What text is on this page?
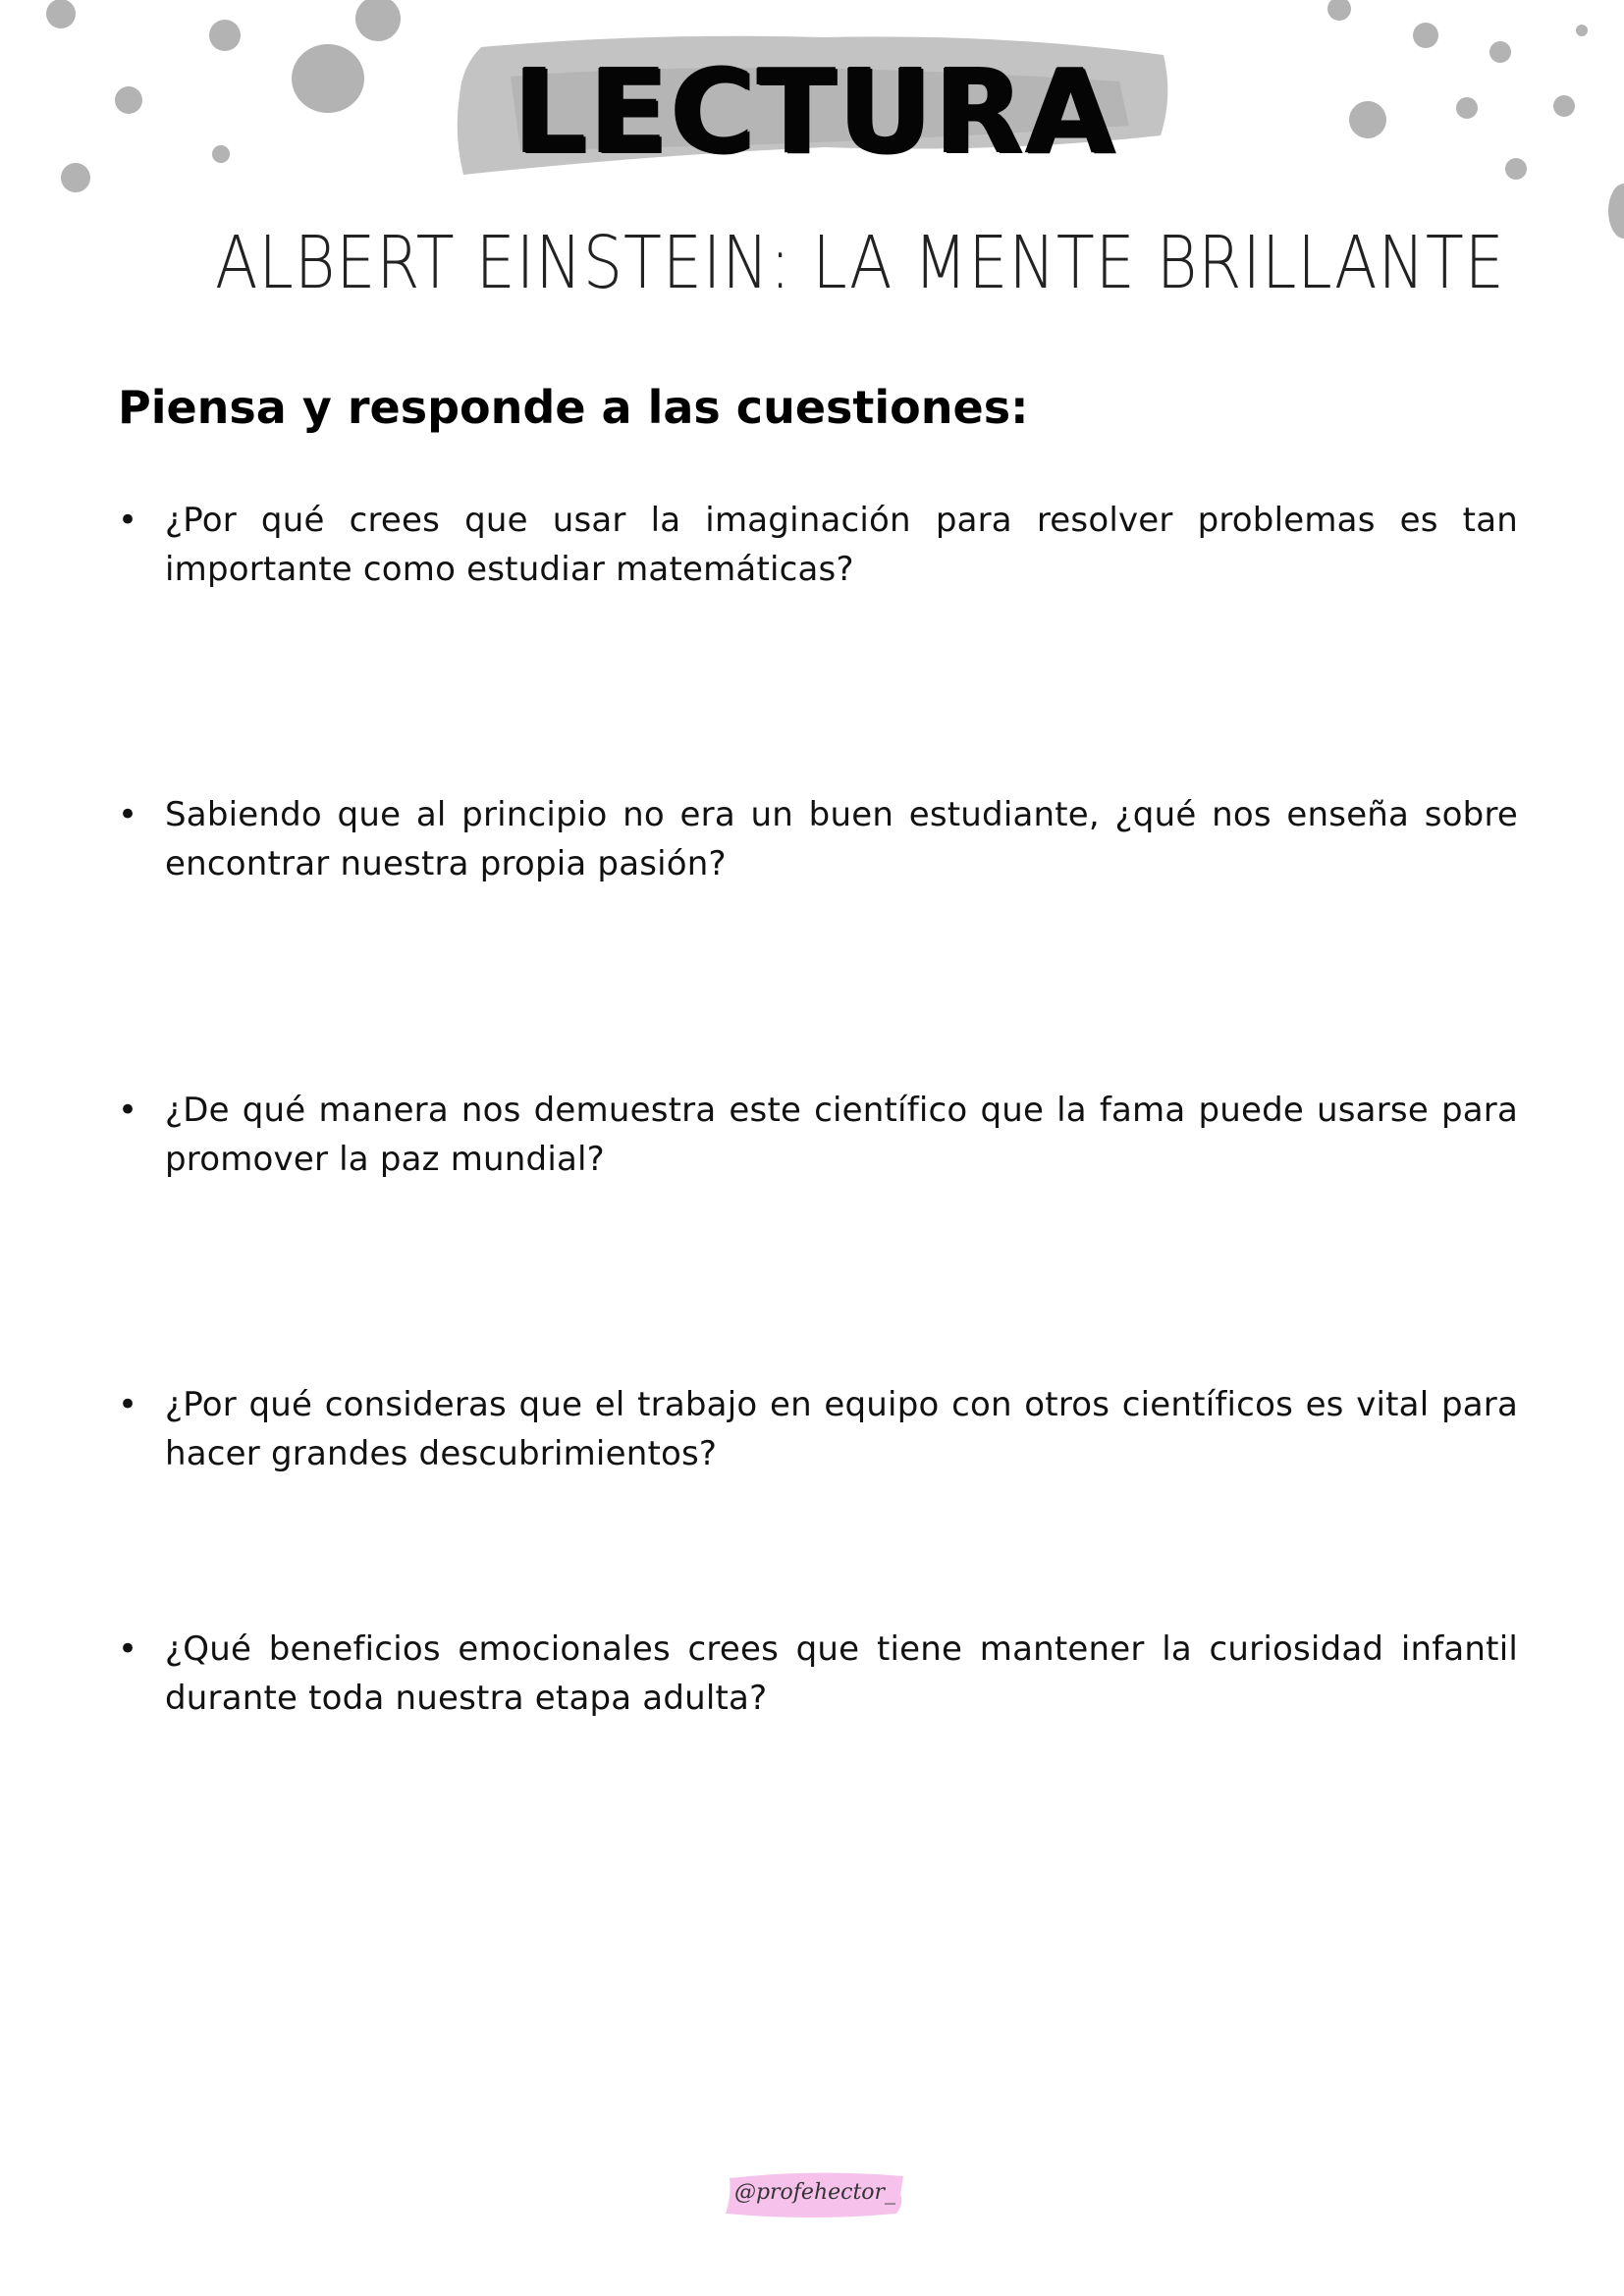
LECTURA
ALBERT EINSTEIN: LA MENTE BRILLANTE
Piensa y responde a las cuestiones:
• ¿Por qué crees que usar la imaginación para resolver problemas es tan importante como estudiar matemáticas?
• Sabiendo que al principio no era un buen estudiante, ¿qué nos enseña sobre encontrar nuestra propia pasión?
• ¿De qué manera nos demuestra este científico que la fama puede usarse para promover la paz mundial?
• ¿Por qué consideras que el trabajo en equipo con otros científicos es vital para hacer grandes descubrimientos?
• ¿Qué beneficios emocionales crees que tiene mantener la curiosidad infantil durante toda nuestra etapa adulta?
@profehector_
